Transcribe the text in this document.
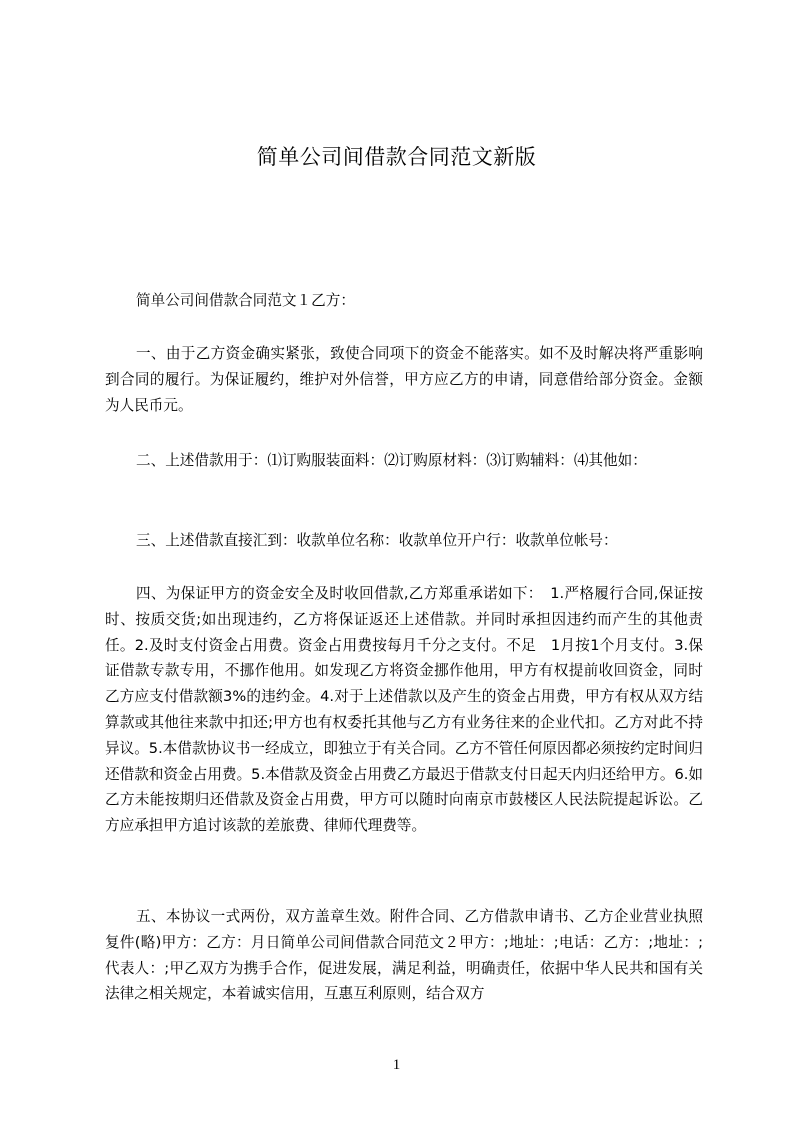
简单公司间借款合同范文新版

简单公司间借款合同范文１乙方：

一、由于乙方资金确实紧张，致使合同项下的资金不能落实。如不及时解决将严重影响到合同的履行。为保证履约，维护对外信誉，甲方应乙方的申请，同意借给部分资金。金额为人民币元。

二、上述借款用于：⑴订购服装面料：⑵订购原材料：⑶订购辅料：⑷其他如：

三、上述借款直接汇到：收款单位名称：收款单位开户行：收款单位帐号：

四、为保证甲方的资金安全及时收回借款,乙方郑重承诺如下：　1.严格履行合同,保证按时、按质交货;如出现违约，乙方将保证返还上述借款。并同时承担因违约而产生的其他责任。2.及时支付资金占用费。资金占用费按每月千分之支付。不足　1月按1个月支付。3.保证借款专款专用，不挪作他用。如发现乙方将资金挪作他用，甲方有权提前收回资金，同时乙方应支付借款额3%的违约金。4.对于上述借款以及产生的资金占用费，甲方有权从双方结算款或其他往来款中扣还;甲方也有权委托其他与乙方有业务往来的企业代扣。乙方对此不持异议。5.本借款协议书一经成立，即独立于有关合同。乙方不管任何原因都必须按约定时间归还借款和资金占用费。5.本借款及资金占用费乙方最迟于借款支付日起天内归还给甲方。6.如乙方未能按期归还借款及资金占用费，甲方可以随时向南京市鼓楼区人民法院提起诉讼。乙方应承担甲方追讨该款的差旅费、律师代理费等。

五、本协议一式两份，双方盖章生效。附件合同、乙方借款申请书、乙方企业营业执照复件(略)甲方：乙方：月日简单公司间借款合同范文２甲方：;地址：;电话：乙方：;地址：;代表人：;甲乙双方为携手合作，促进发展，满足利益，明确责任，依据中华人民共和国有关法律之相关规定，本着诚实信用，互惠互利原则，结合双方

1
